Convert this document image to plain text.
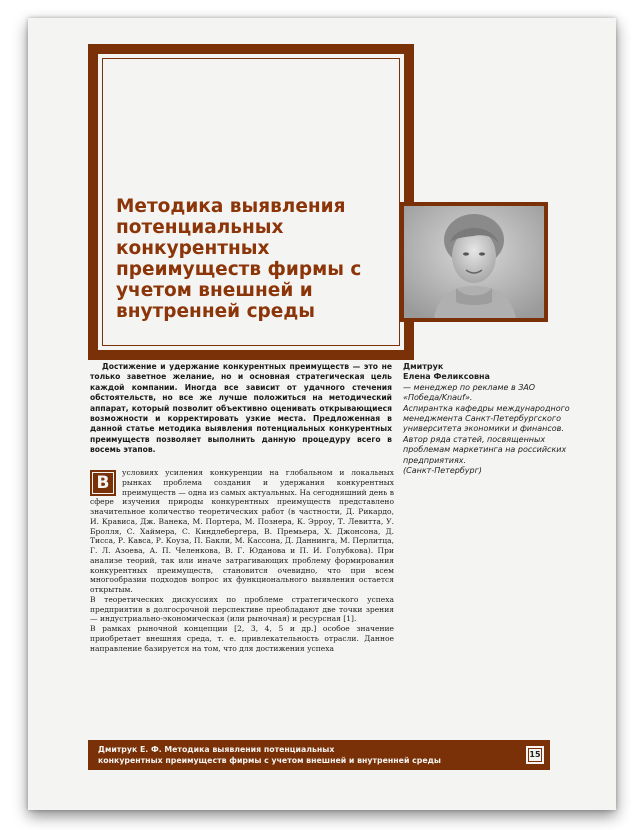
Методика выявления потенциальных конкурентных преимуществ фирмы с учетом внешней и внутренней среды
Дмитрук
Елена Феликсовна
— менеджер по рекламе в ЗАО «Победа/Knauf».
Аспирантка кафедры международного менеджмента Санкт-Петербургского университета экономики и финансов.
Автор ряда статей, посвященных проблемам маркетинга на российских предприятиях.
(Санкт-Петербург)

Достижение и удержание конкурентных преимуществ — это не только заветное желание, но и основная стратегическая цель каждой компании. Иногда все зависит от удачного стечения обстоятельств, но все же лучше положиться на методический аппарат, который позволит объективно оценивать открывающиеся возможности и корректировать узкие места. Предложенная в данной статье методика выявления потенциальных конкурентных преимуществ позволяет выполнить данную процедуру всего в восемь этапов.

В

условиях усиления конкуренции на глобальном и локальных рынках проблема создания и удержания конкурентных преимуществ — одна из самых актуальных. На сегодняшний день в сфере изучения природы конкурентных преимуществ представлено значительное количество теоретических работ (в частности, Д. Рикардо, И. Крависа, Дж. Ванека, М. Портера, М. Познера, К. Эрроу, Т. Левитта, У. Бролля, С. Хаймера, С. Киндлебергера, В. Премьера, Х. Джонсона, Д. Тисса, Р. Кавса, Р. Коуза, П. Бакли, М. Кассона, Д. Даннинга, М. Перлитца, Г. Л. Азоева, А. П. Челенкова, В. Г. Юданова и П. И. Голубкова). При анализе теорий, так или иначе затрагивающих проблему формирования конкурентных преимуществ, становится очевидно, что при всем многообразии подходов вопрос их функционального выявления остается открытым.

В теоретических дискуссиях по проблеме стратегического успеха предприятия в долгосрочной перспективе преобладают две точки зрения — индустриально-экономическая (или рыночная) и ресурсная [1].

В рамках рыночной концепции [2, 3, 4, 5 и др.] особое значение приобретает внешняя среда, т. е. привлекательность отрасли. Данное направление базируется на том, что для достижения успеха

Дмитрук Е. Ф. Методика выявления потенциальных
конкурентных преимуществ фирмы с учетом внешней и внутренней среды
15
